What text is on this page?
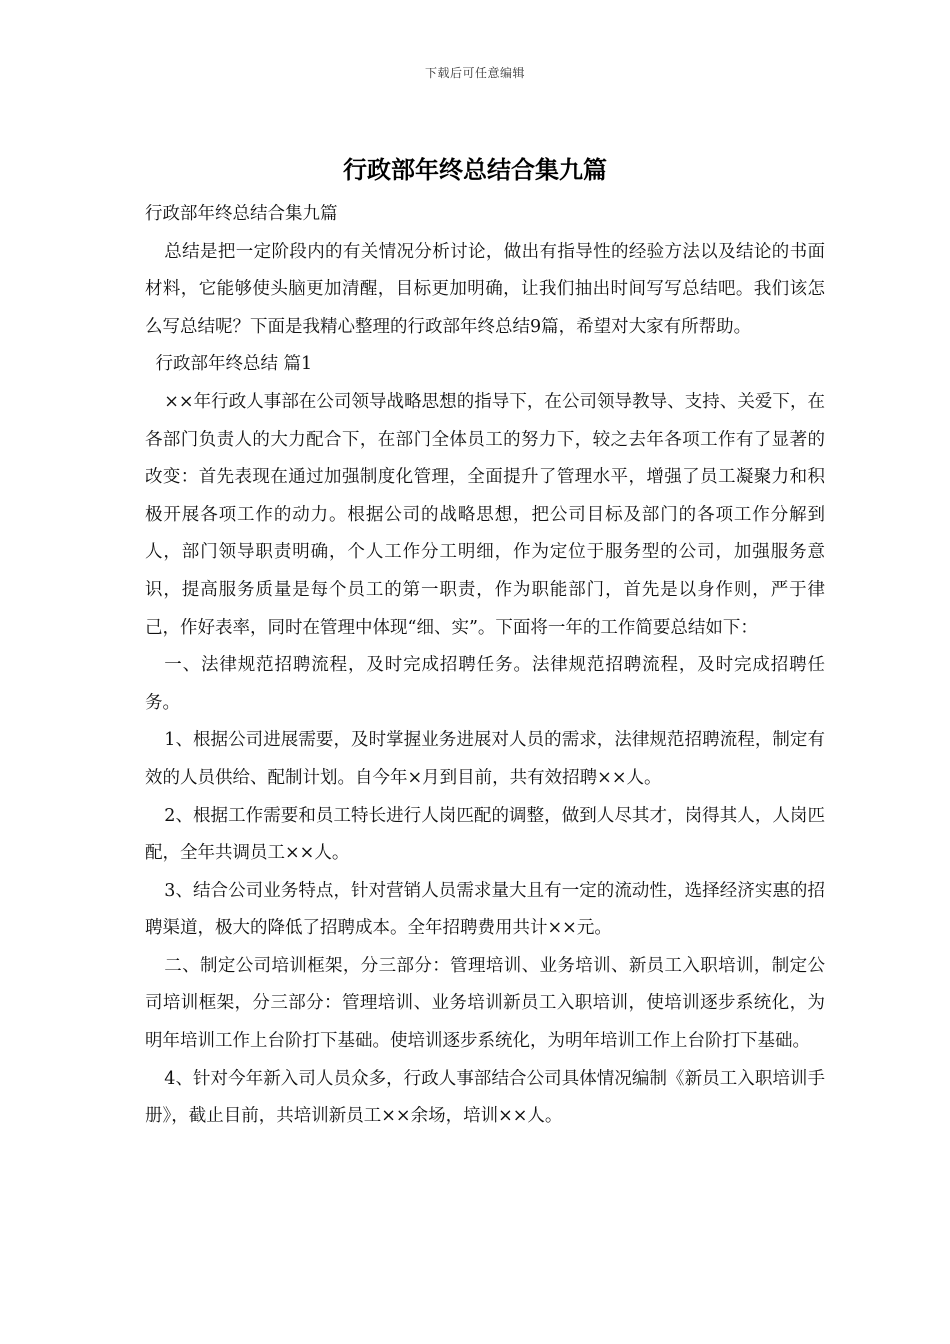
下载后可任意编辑
行政部年终总结合集九篇

行政部年终总结合集九篇

总结是把一定阶段内的有关情况分析讨论，做出有指导性的经验方法以及结论的书面材料，它能够使头脑更加清醒，目标更加明确，让我们抽出时间写写总结吧。我们该怎么写总结呢？下面是我精心整理的行政部年终总结9篇，希望对大家有所帮助。

行政部年终总结 篇1

××年行政人事部在公司领导战略思想的指导下，在公司领导教导、支持、关爱下，在各部门负责人的大力配合下，在部门全体员工的努力下，较之去年各项工作有了显著的改变：首先表现在通过加强制度化管理，全面提升了管理水平，增强了员工凝聚力和积极开展各项工作的动力。根据公司的战略思想，把公司目标及部门的各项工作分解到人，部门领导职责明确，个人工作分工明细，作为定位于服务型的公司，加强服务意识，提高服务质量是每个员工的第一职责，作为职能部门，首先是以身作则，严于律己，作好表率，同时在管理中体现“细、实”。下面将一年的工作简要总结如下：

一、法律规范招聘流程，及时完成招聘任务。法律规范招聘流程，及时完成招聘任务。

1、根据公司进展需要，及时掌握业务进展对人员的需求，法律规范招聘流程，制定有效的人员供给、配制计划。自今年×月到目前，共有效招聘××人。

2、根据工作需要和员工特长进行人岗匹配的调整，做到人尽其才，岗得其人，人岗匹配，全年共调员工××人。

3、结合公司业务特点，针对营销人员需求量大且有一定的流动性，选择经济实惠的招聘渠道，极大的降低了招聘成本。全年招聘费用共计××元。

二、制定公司培训框架，分三部分：管理培训、业务培训、新员工入职培训，制定公司培训框架，分三部分：管理培训、业务培训新员工入职培训，使培训逐步系统化，为明年培训工作上台阶打下基础。使培训逐步系统化，为明年培训工作上台阶打下基础。

4、针对今年新入司人员众多，行政人事部结合公司具体情况编制《新员工入职培训手册》，截止目前，共培训新员工××余场，培训××人。
